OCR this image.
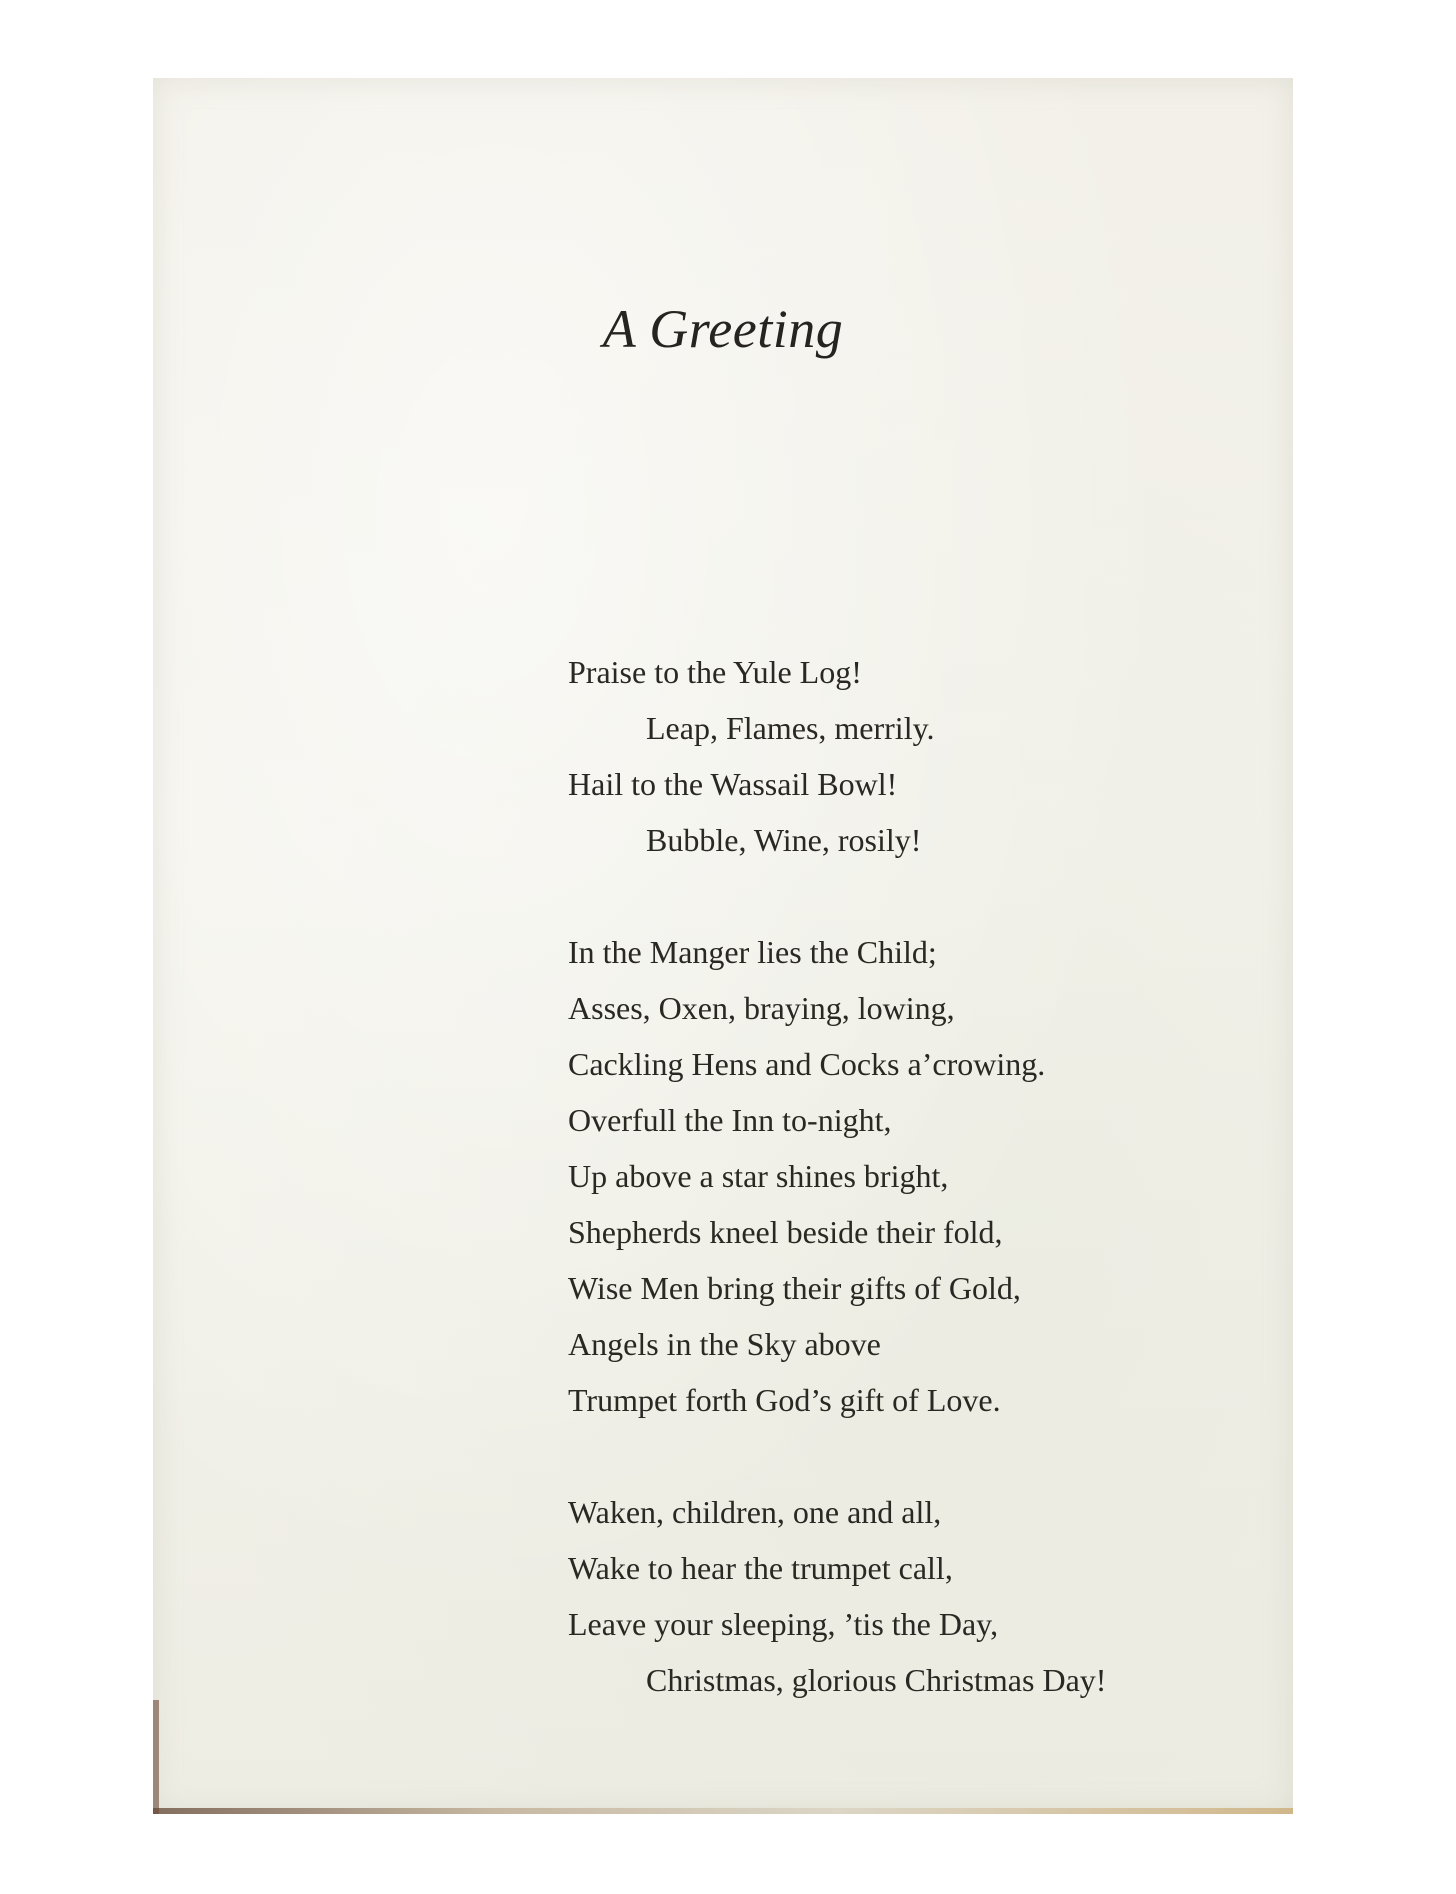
A Greeting
Praise to the Yule Log!
Leap, Flames, merrily.
Hail to the Wassail Bowl!
Bubble, Wine, rosily!
In the Manger lies the Child;
Asses, Oxen, braying, lowing,
Cackling Hens and Cocks a’crowing.
Overfull the Inn to-night,
Up above a star shines bright,
Shepherds kneel beside their fold,
Wise Men bring their gifts of Gold,
Angels in the Sky above
Trumpet forth God’s gift of Love.
Waken, children, one and all,
Wake to hear the trumpet call,
Leave your sleeping, ’tis the Day,
Christmas, glorious Christmas Day!
